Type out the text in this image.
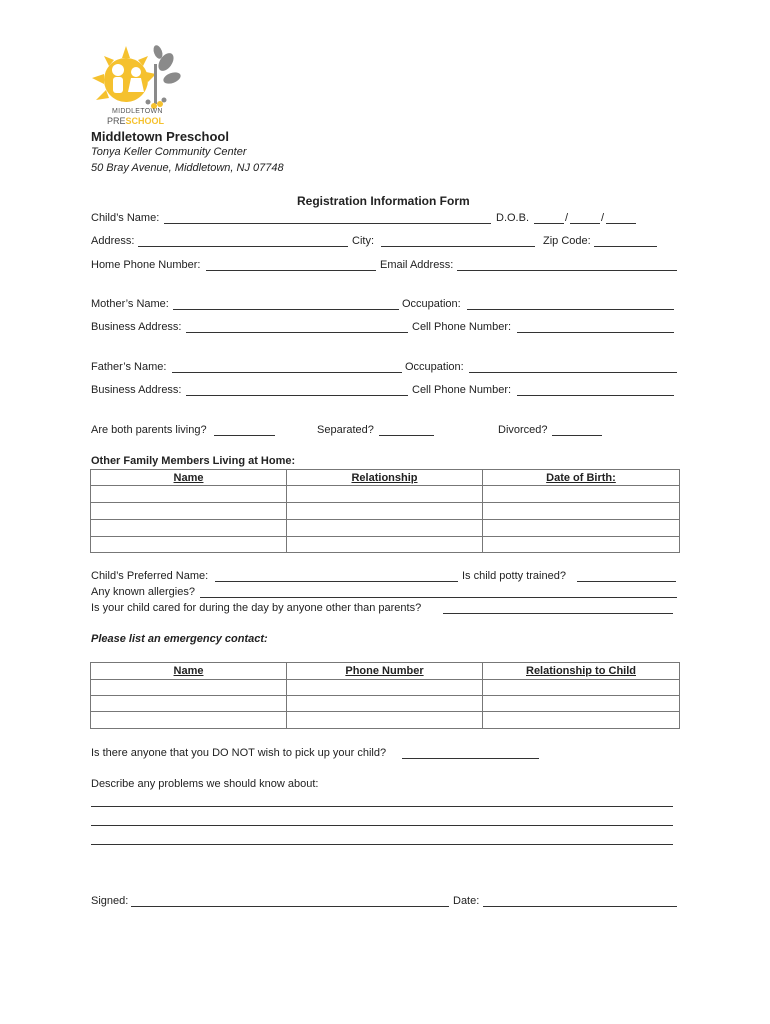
MIDDLETOWN
PRESCHOOL
Middletown Preschool
Tonya Keller Community Center
50 Bray Avenue, Middletown, NJ 07748
Registration Information Form
Child’s Name:	D.O.B.	/	/
Address:	City:	Zip Code:
Home Phone Number:	Email Address:
Mother’s Name:	Occupation:
Business Address:	Cell Phone Number:
Father’s Name:	Occupation:
Business Address:	Cell Phone Number:
Are both parents living?	Separated?	Divorced?
Other Family Members Living at Home:
Name	Relationship	Date of Birth:

Child’s Preferred Name:	Is child potty trained?
Any known allergies?
Is your child cared for during the day by anyone other than parents?
Please list an emergency contact:
Name	Phone Number	Relationship to Child

Is there anyone that you DO NOT wish to pick up your child?
Describe any problems we should know about:
Signed:	Date:
